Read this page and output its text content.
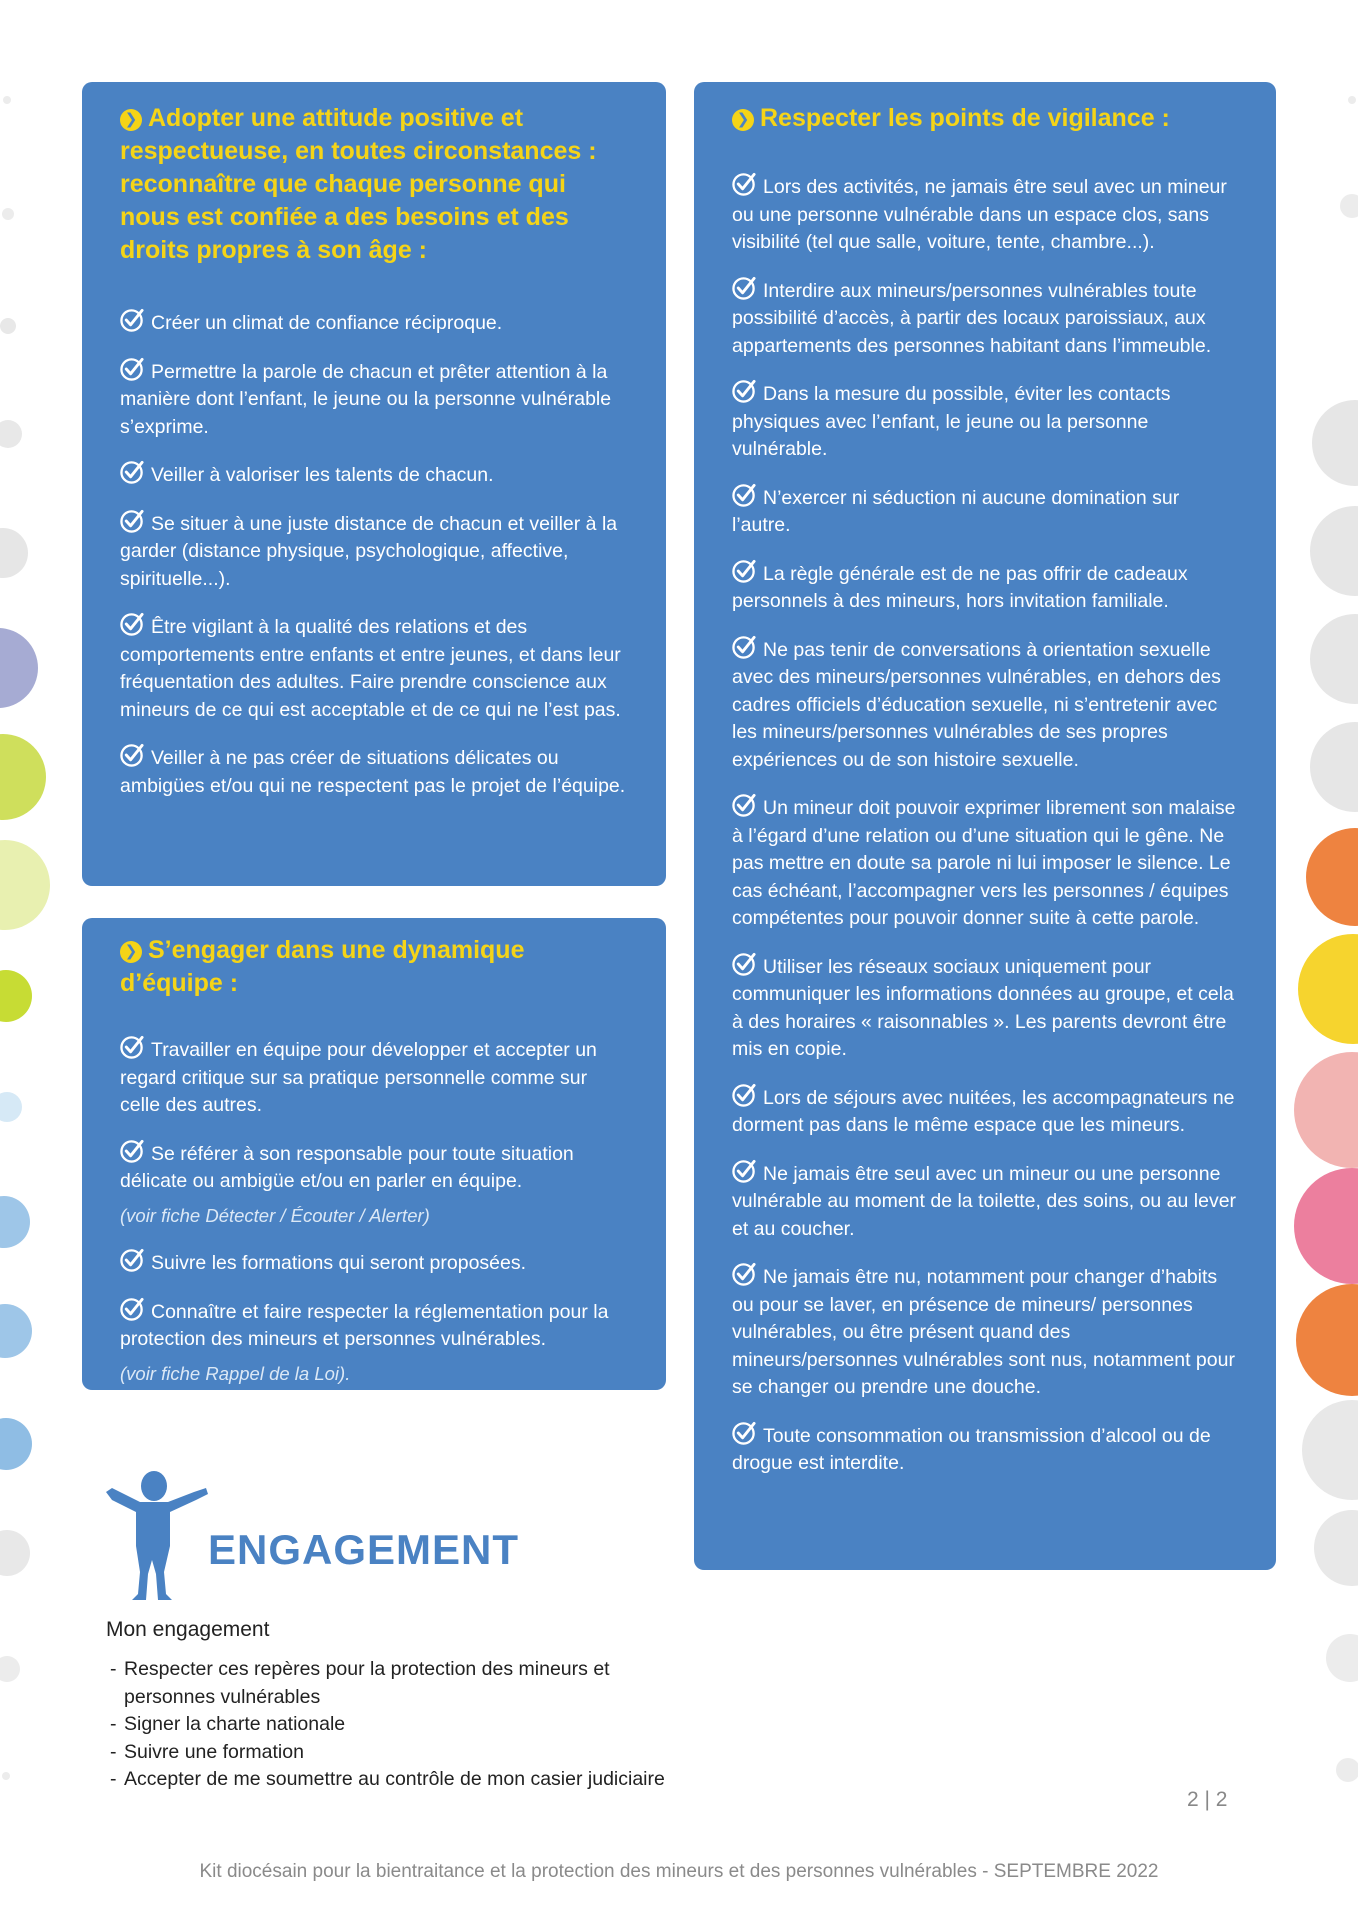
❯ Adopter une attitude positive et respectueuse, en toutes circonstances : reconnaître que chaque personne qui nous est confiée a des besoins et des droits propres à son âge :
Créer un climat de confiance réciproque.
Permettre la parole de chacun et prêter attention à la manière dont l’enfant, le jeune ou la personne vulnérable s’exprime.
Veiller à valoriser les talents de chacun.
Se situer à une juste distance de chacun et veiller à la garder (distance physique, psychologique, affective, spirituelle...).
Être vigilant à la qualité des relations et des comportements entre enfants et entre jeunes, et dans leur fréquentation des adultes. Faire prendre conscience aux mineurs de ce qui est acceptable et de ce qui ne l’est pas.
Veiller à ne pas créer de situations délicates ou ambigües et/ou qui ne respectent pas le projet de l’équipe.
❯ S’engager dans une dynamique d’équipe :
Travailler en équipe pour développer et accepter un regard critique sur sa pratique personnelle comme sur celle des autres.
Se référer à son responsable pour toute situation délicate ou ambigüe et/ou en parler en équipe.
(voir fiche Détecter / Écouter / Alerter)
Suivre les formations qui seront proposées.
Connaître et faire respecter la réglementation pour la protection des mineurs et personnes vulnérables.
(voir fiche Rappel de la Loi).
❯ Respecter les points de vigilance :
Lors des activités, ne jamais être seul avec un mineur ou une personne vulnérable dans un espace clos, sans visibilité (tel que salle, voiture, tente, chambre...).
Interdire aux mineurs/personnes vulnérables toute possibilité d’accès, à partir des locaux paroissiaux, aux appartements des personnes habitant dans l’immeuble.
Dans la mesure du possible, éviter les contacts physiques avec l’enfant, le jeune ou la personne vulnérable.
N’exercer ni séduction ni aucune domination sur l’autre.
La règle générale est de ne pas offrir de cadeaux personnels à des mineurs, hors invitation familiale.
Ne pas tenir de conversations à orientation sexuelle avec des mineurs/personnes vulnérables, en dehors des cadres officiels d’éducation sexuelle, ni s’entretenir avec les mineurs/personnes vulnérables de ses propres expériences ou de son histoire sexuelle.
Un mineur doit pouvoir exprimer librement son malaise à l’égard d’une relation ou d’une situation qui le gêne. Ne pas mettre en doute sa parole ni lui imposer le silence. Le cas échéant, l’accompagner vers les personnes / équipes compétentes pour pouvoir donner suite à cette parole.
Utiliser les réseaux sociaux uniquement pour communiquer les informations données au groupe, et cela à des horaires « raisonnables ». Les parents devront être mis en copie.
Lors de séjours avec nuitées, les accompagnateurs ne dorment pas dans le même espace que les mineurs.
Ne jamais être seul avec un mineur ou une personne vulnérable au moment de la toilette, des soins, ou au lever et au coucher.
Ne jamais être nu, notamment pour changer d’habits ou pour se laver, en présence de mineurs/ personnes vulnérables, ou être présent quand des mineurs/personnes vulnérables sont nus, notamment pour se changer ou prendre une douche.
Toute consommation ou transmission d’alcool ou de drogue est interdite.
ENGAGEMENT
Mon engagement
- Respecter ces repères pour la protection des mineurs et personnes vulnérables
- Signer la charte nationale
- Suivre une formation
- Accepter de me soumettre au contrôle de mon casier judiciaire
2 | 2
Kit diocésain pour la bientraitance et la protection des mineurs et des personnes vulnérables - SEPTEMBRE 2022
